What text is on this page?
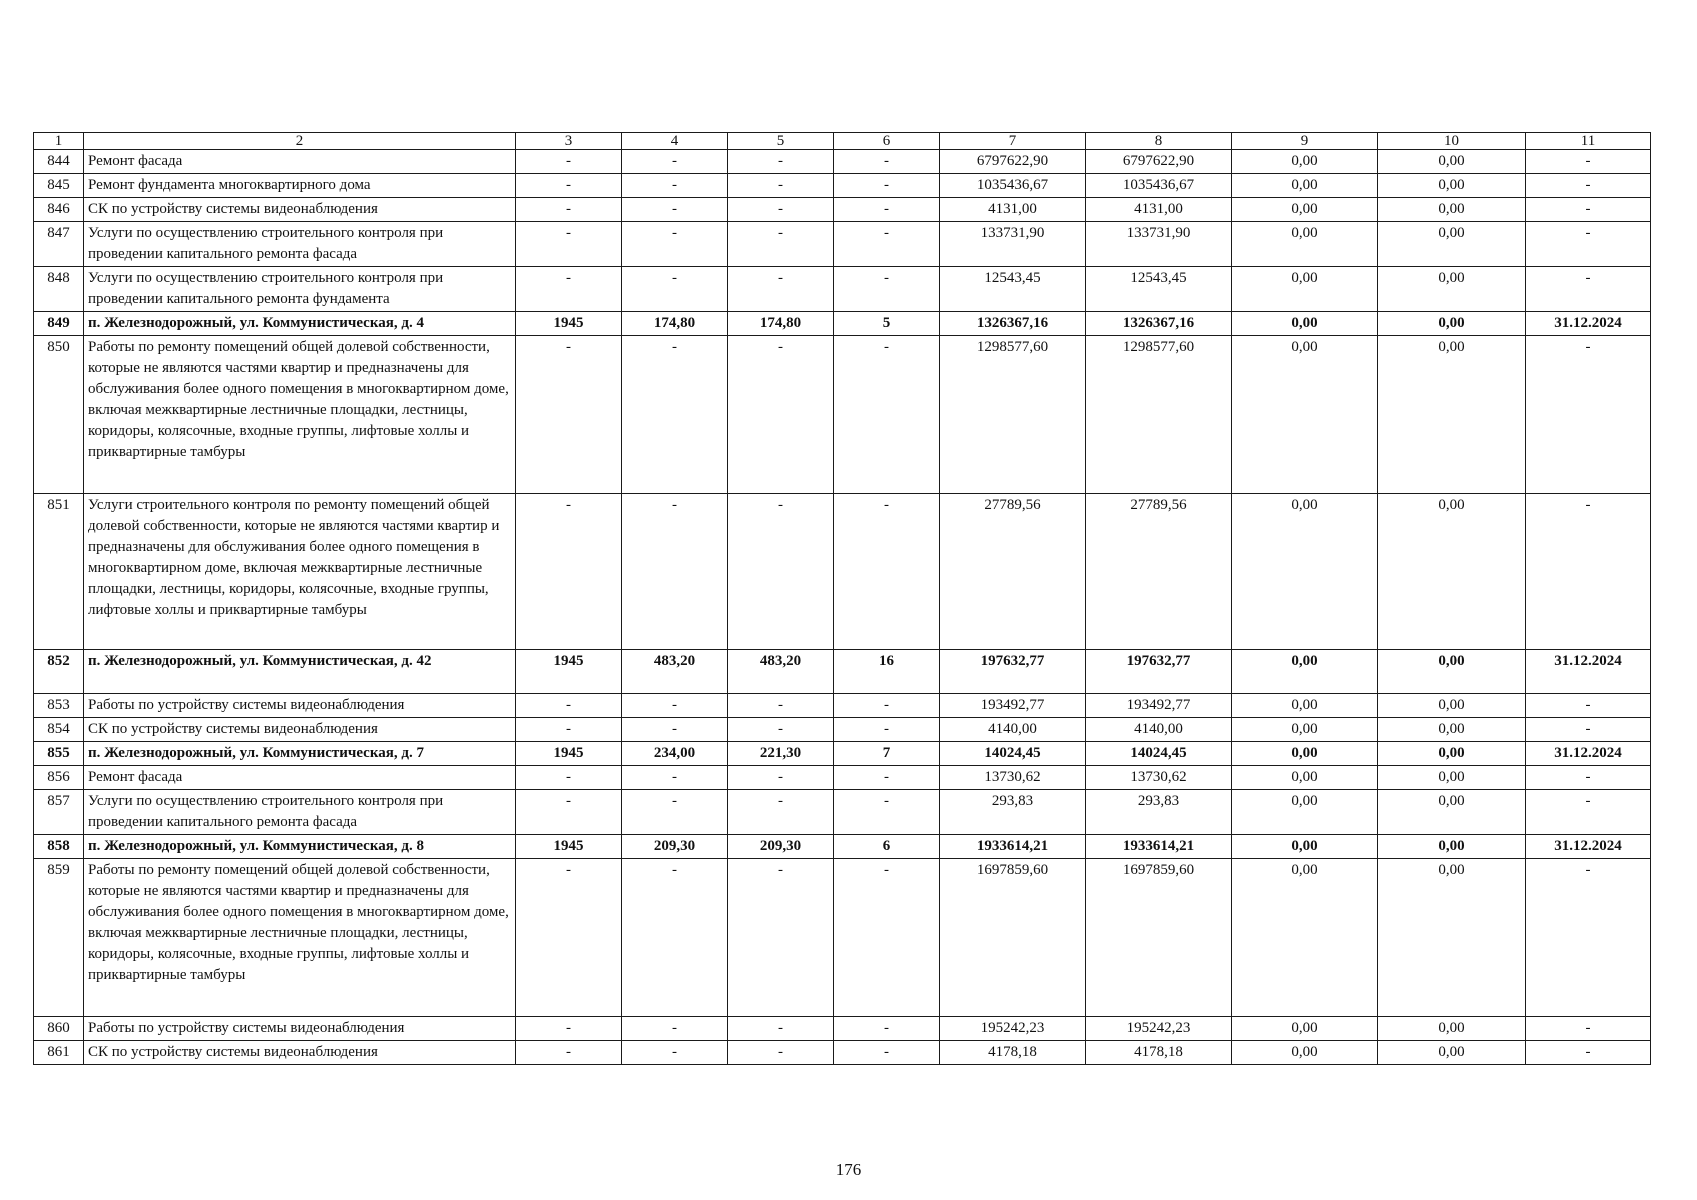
1	2	3	4	5	6	7	8	9	10	11
844	Ремонт фасада	-	-	-	-	6797622,90	6797622,90	0,00	0,00	-
845	Ремонт фундамента многоквартирного дома	-	-	-	-	1035436,67	1035436,67	0,00	0,00	-
846	СК по устройству системы видеонаблюдения	-	-	-	-	4131,00	4131,00	0,00	0,00	-
847	Услуги по осуществлению строительного контроля при проведении капитального ремонта фасада	-	-	-	-	133731,90	133731,90	0,00	0,00	-
848	Услуги по осуществлению строительного контроля при проведении капитального ремонта фундамента	-	-	-	-	12543,45	12543,45	0,00	0,00	-
849	п. Железнодорожный, ул. Коммунистическая, д. 4	1945	174,80	174,80	5	1326367,16	1326367,16	0,00	0,00	31.12.2024
850	Работы по ремонту помещений общей долевой собственности, которые не являются частями квартир и предназначены для обслуживания более одного помещения в многоквартирном доме, включая межквартирные лестничные площадки, лестницы, коридоры, колясочные, входные группы, лифтовые холлы и приквартирные тамбуры	-	-	-	-	1298577,60	1298577,60	0,00	0,00	-
851	Услуги строительного контроля по ремонту помещений общей долевой собственности, которые не являются частями квартир и предназначены для обслуживания более одного помещения в многоквартирном доме, включая межквартирные лестничные площадки, лестницы, коридоры, колясочные, входные группы, лифтовые холлы и приквартирные тамбуры	-	-	-	-	27789,56	27789,56	0,00	0,00	-
852	п. Железнодорожный, ул. Коммунистическая, д. 42	1945	483,20	483,20	16	197632,77	197632,77	0,00	0,00	31.12.2024
853	Работы по устройству системы видеонаблюдения	-	-	-	-	193492,77	193492,77	0,00	0,00	-
854	СК по устройству системы видеонаблюдения	-	-	-	-	4140,00	4140,00	0,00	0,00	-
855	п. Железнодорожный, ул. Коммунистическая, д. 7	1945	234,00	221,30	7	14024,45	14024,45	0,00	0,00	31.12.2024
856	Ремонт фасада	-	-	-	-	13730,62	13730,62	0,00	0,00	-
857	Услуги по осуществлению строительного контроля при проведении капитального ремонта фасада	-	-	-	-	293,83	293,83	0,00	0,00	-
858	п. Железнодорожный, ул. Коммунистическая, д. 8	1945	209,30	209,30	6	1933614,21	1933614,21	0,00	0,00	31.12.2024
859	Работы по ремонту помещений общей долевой собственности, которые не являются частями квартир и предназначены для обслуживания более одного помещения в многоквартирном доме, включая межквартирные лестничные площадки, лестницы, коридоры, колясочные, входные группы, лифтовые холлы и приквартирные тамбуры	-	-	-	-	1697859,60	1697859,60	0,00	0,00	-
860	Работы по устройству системы видеонаблюдения	-	-	-	-	195242,23	195242,23	0,00	0,00	-
861	СК по устройству системы видеонаблюдения	-	-	-	-	4178,18	4178,18	0,00	0,00	-
176
